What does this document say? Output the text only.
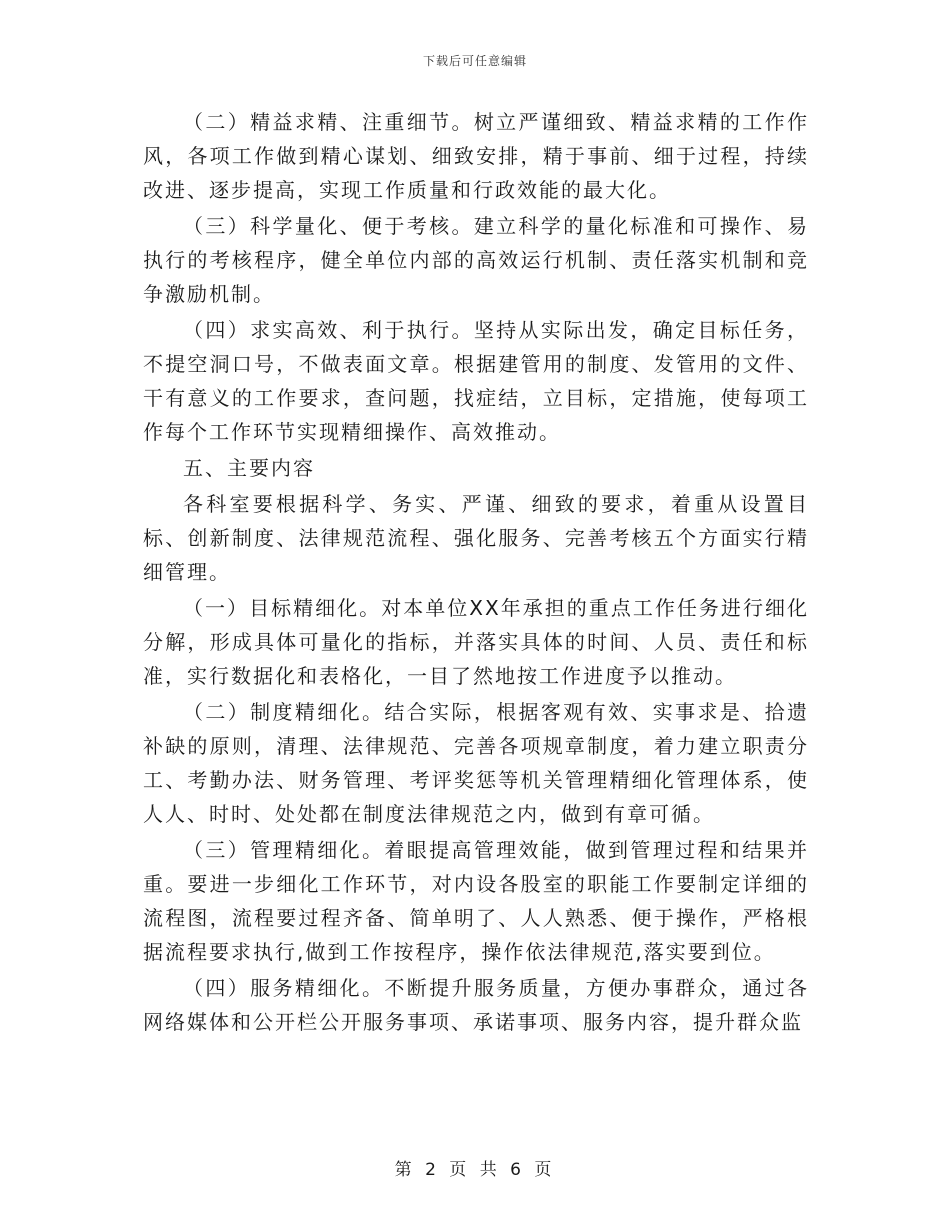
下载后可任意编辑

（二）精益求精、注重细节。树立严谨细致、精益求精的工作作风，各项工作做到精心谋划、细致安排，精于事前、细于过程，持续改进、逐步提高，实现工作质量和行政效能的最大化。

（三）科学量化、便于考核。建立科学的量化标准和可操作、易执行的考核程序，健全单位内部的高效运行机制、责任落实机制和竞争激励机制。

（四）求实高效、利于执行。坚持从实际出发，确定目标任务，不提空洞口号，不做表面文章。根据建管用的制度、发管用的文件、干有意义的工作要求，查问题，找症结，立目标，定措施，使每项工作每个工作环节实现精细操作、高效推动。

五、主要内容

各科室要根据科学、务实、严谨、细致的要求，着重从设置目标、创新制度、法律规范流程、强化服务、完善考核五个方面实行精细管理。

（一）目标精细化。对本单位XX年承担的重点工作任务进行细化分解，形成具体可量化的指标，并落实具体的时间、人员、责任和标准，实行数据化和表格化，一目了然地按工作进度予以推动。

（二）制度精细化。结合实际，根据客观有效、实事求是、拾遗补缺的原则，清理、法律规范、完善各项规章制度，着力建立职责分工、考勤办法、财务管理、考评奖惩等机关管理精细化管理体系，使人人、时时、处处都在制度法律规范之内，做到有章可循。

（三）管理精细化。着眼提高管理效能，做到管理过程和结果并重。要进一步细化工作环节，对内设各股室的职能工作要制定详细的流程图，流程要过程齐备、简单明了、人人熟悉、便于操作，严格根据流程要求执行,做到工作按程序，操作依法律规范,落实要到位。

（四）服务精细化。不断提升服务质量，方便办事群众，通过各网络媒体和公开栏公开服务事项、承诺事项、服务内容，提升群众监

第 2 页 共 6 页
